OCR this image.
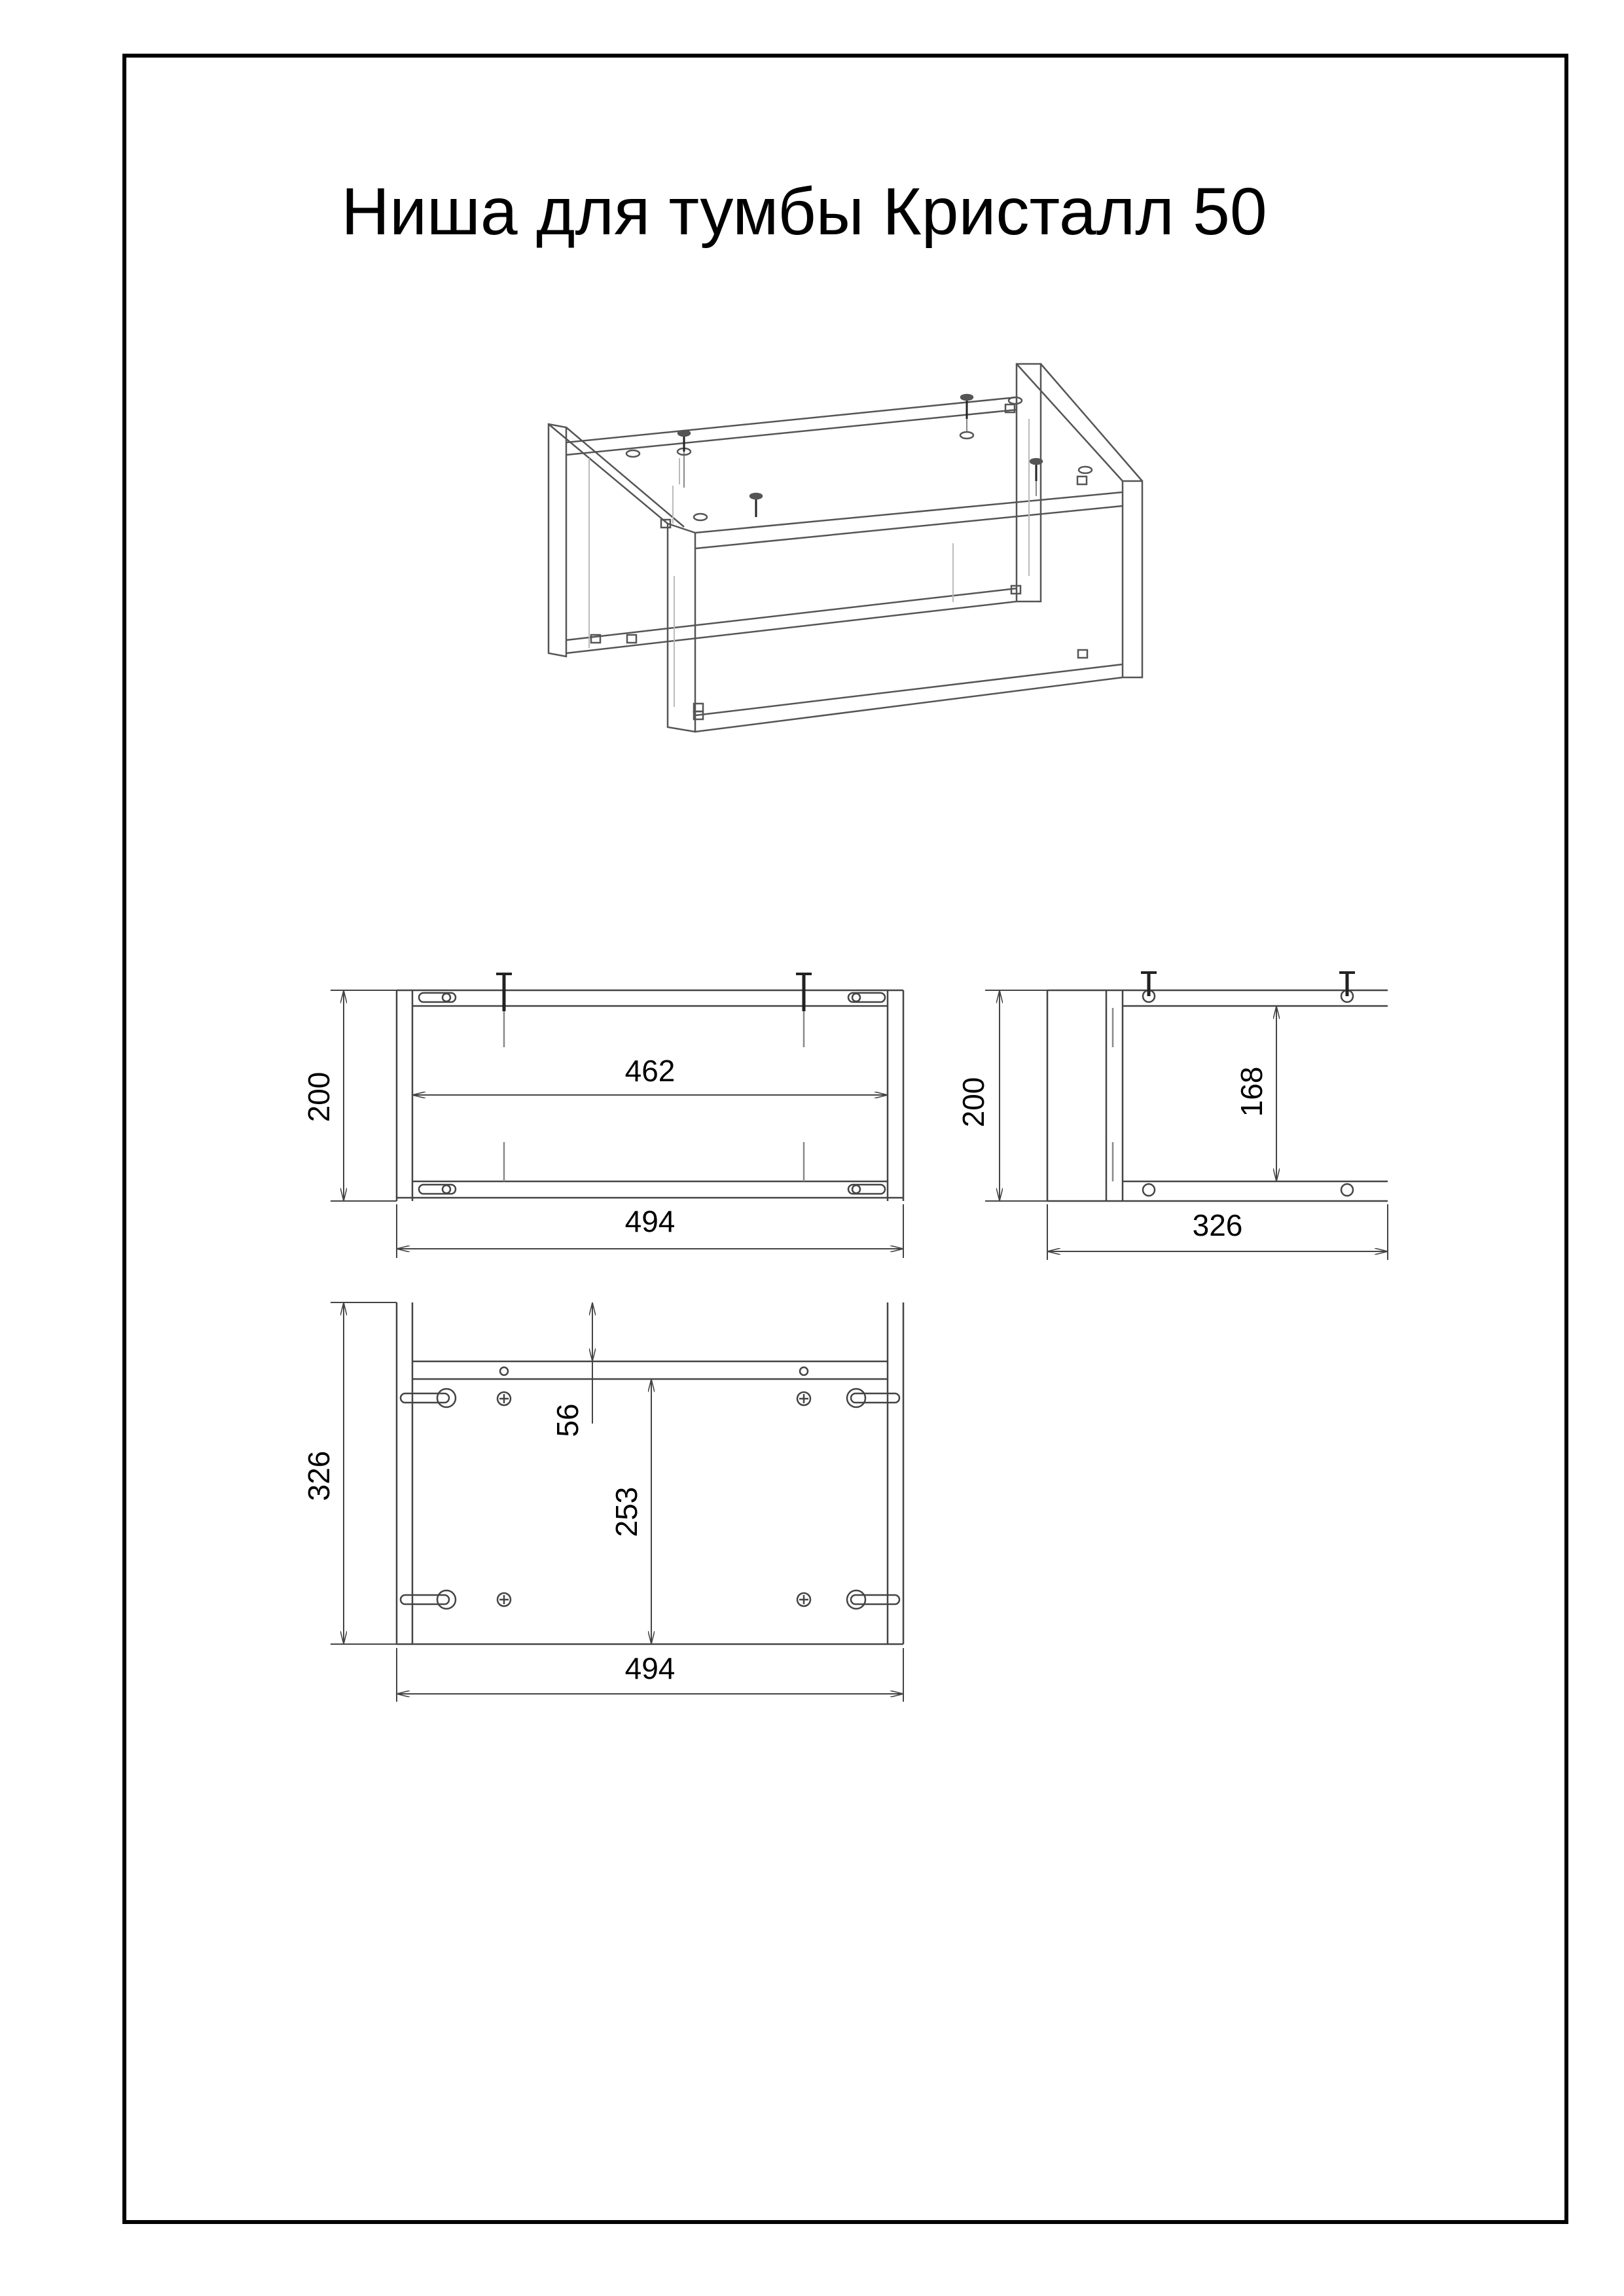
Ниша для тумбы Кристалл 50
462
200
494
200	168
326
326
56
253
494
